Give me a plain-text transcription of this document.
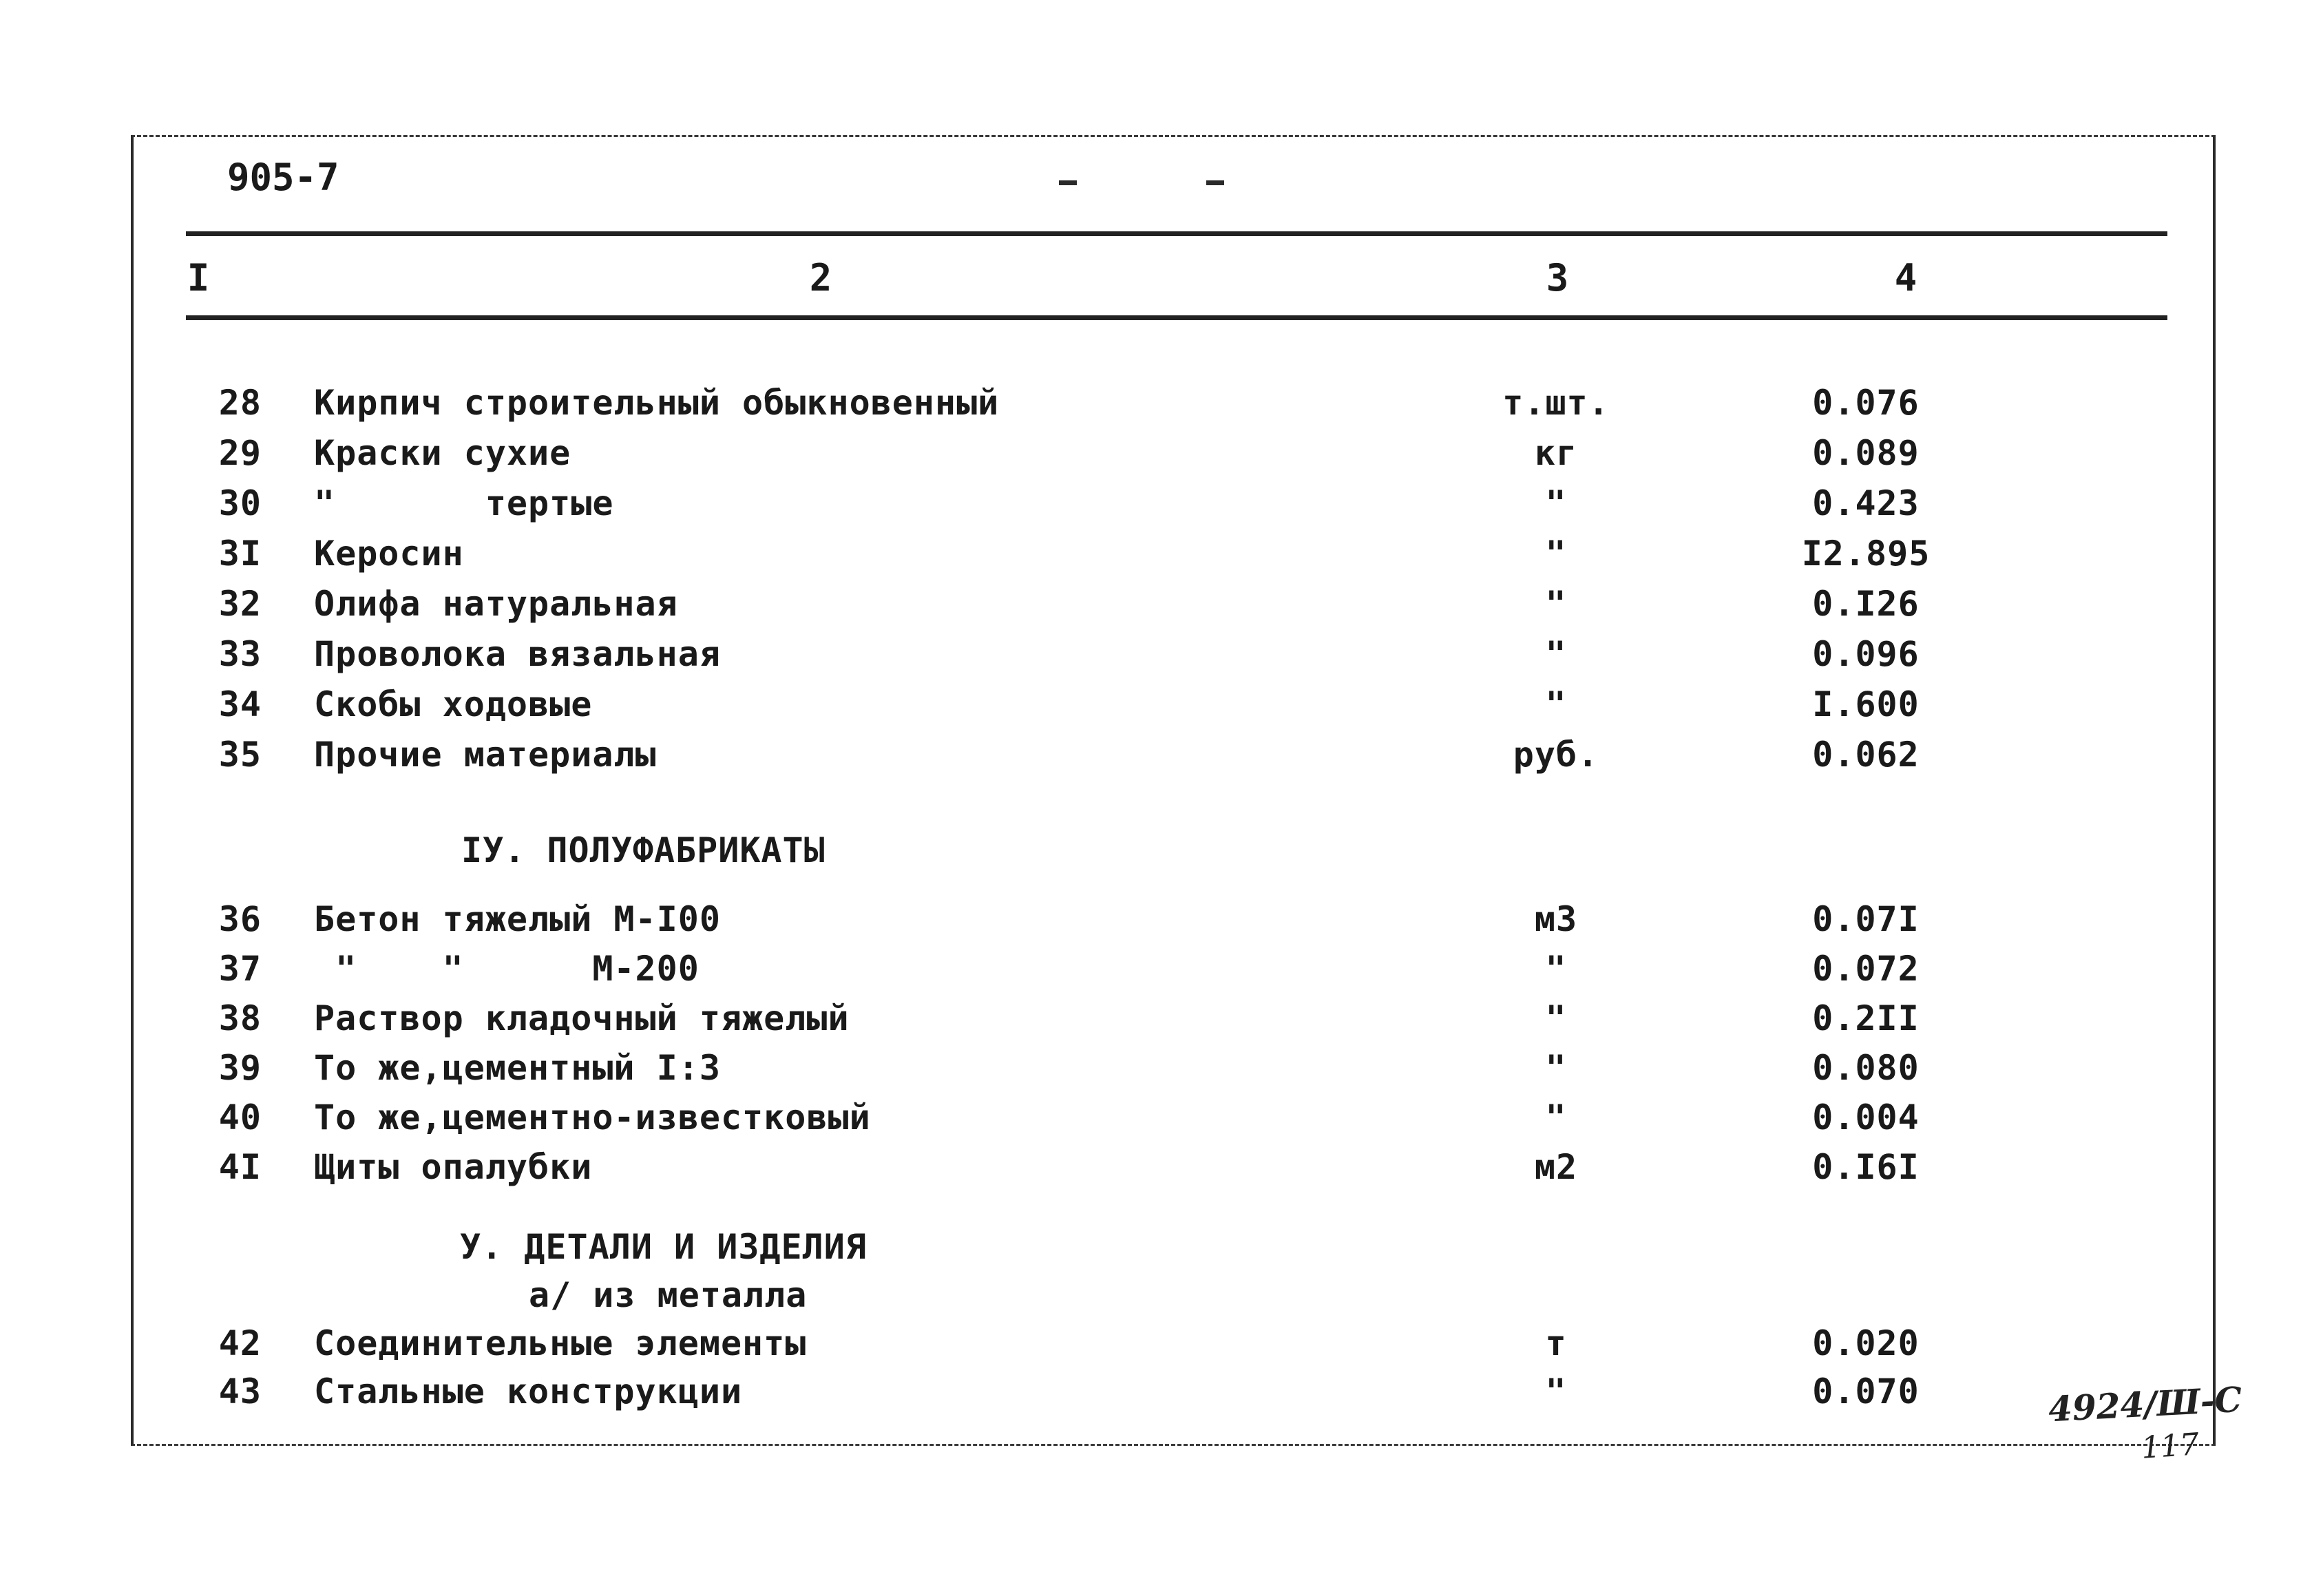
905-7
I	2	3	4
28 Кирпич строительный обыкновенный	т.шт.	0.076
29 Краски сухие	кг	0.089
30 "       тертые	"	0.423
3I Керосин	"	I2.895
32 Олифа натуральная	"	0.I26
33 Проволока вязальная	"	0.096
34 Скобы ходовые	"	I.600
35 Прочие материалы	руб.	0.062
IУ. ПОЛУФАБРИКАТЫ
36 Бетон тяжелый М-I00	м3	0.07I
37 "    "      М-200	"	0.072
38 Раствор кладочный тяжелый	"	0.2II
39 То же,цементный I:3	"	0.080
40 То же,цементно-известковый	"	0.004
4I Щиты опалубки	м2	0.I6I
У. ДЕТАЛИ И ИЗДЕЛИЯ
а/ из металла
42 Соединительные элементы	т	0.020
43 Стальные конструкции	"	0.070	4924/Ш-С
117
